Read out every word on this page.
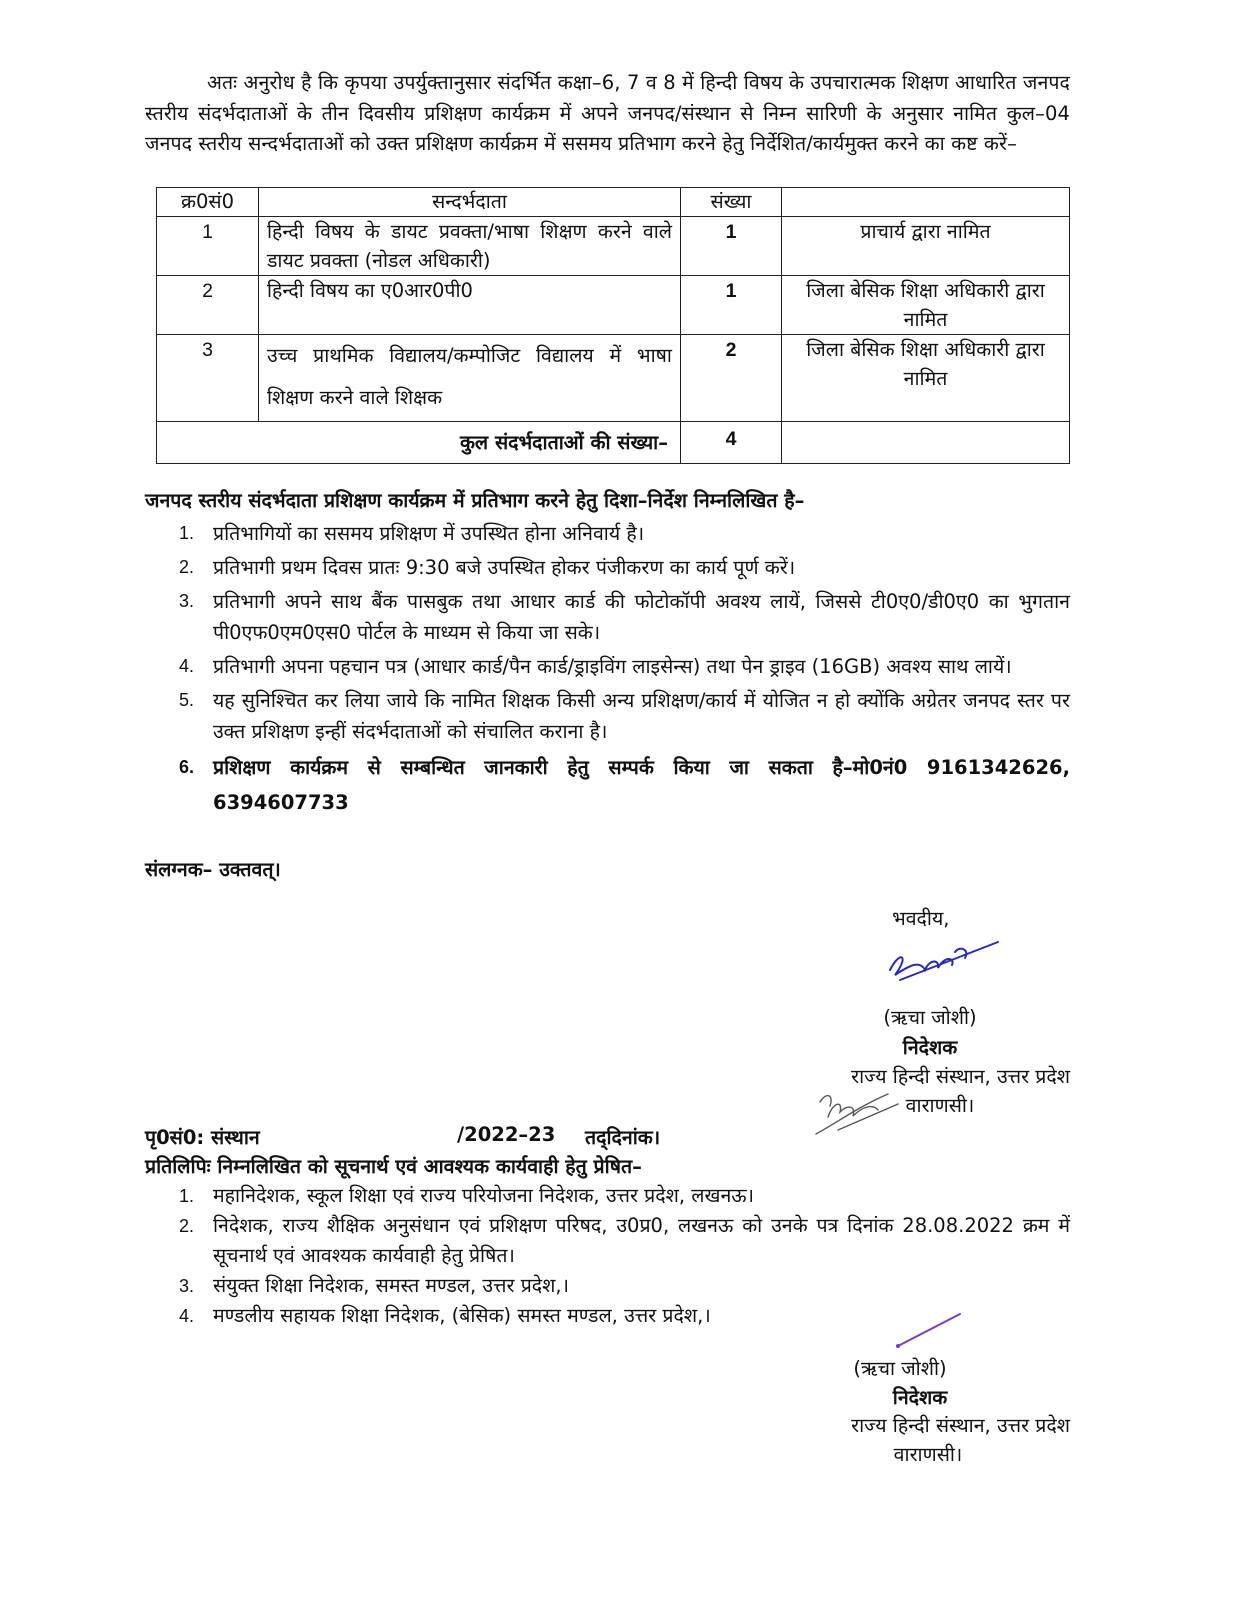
अतः अनुरोध है कि कृपया उपर्युक्तानुसार संदर्भित कक्षा–6, 7 व 8 में हिन्दी विषय के उपचारात्मक शिक्षण आधारित जनपद स्तरीय संदर्भदाताओं के तीन दिवसीय प्रशिक्षण कार्यक्रम में अपने जनपद/संस्थान से निम्न सारिणी के अनुसार नामित कुल–04 जनपद स्तरीय सन्दर्भदाताओं को उक्त प्रशिक्षण कार्यक्रम में ससमय प्रतिभाग करने हेतु निर्देशित/कार्यमुक्त करने का कष्ट करें–
क्र0सं0	सन्दर्भदाता	संख्या	
1	हिन्दी विषय के डायट प्रवक्ता/भाषा शिक्षण करने वाले डायट प्रवक्ता (नोडल अधिकारी)	1	प्राचार्य द्वारा नामित
2	हिन्दी विषय का ए0आर0पी0	1	जिला बेसिक शिक्षा अधिकारी द्वारा नामित
3	उच्च प्राथमिक विद्यालय/कम्पोजिट विद्यालय में भाषा शिक्षण करने वाले शिक्षक	2	जिला बेसिक शिक्षा अधिकारी द्वारा नामित
कुल संदर्भदाताओं की संख्या–		4	
जनपद स्तरीय संदर्भदाता प्रशिक्षण कार्यक्रम में प्रतिभाग करने हेतु दिशा–निर्देश निम्नलिखित है–
1. प्रतिभागियों का ससमय प्रशिक्षण में उपस्थित होना अनिवार्य है।
2. प्रतिभागी प्रथम दिवस प्रातः 9:30 बजे उपस्थित होकर पंजीकरण का कार्य पूर्ण करें।
3. प्रतिभागी अपने साथ बैंक पासबुक तथा आधार कार्ड की फोटोकॉपी अवश्य लायें, जिससे टी0ए0/डी0ए0 का भुगतान पी0एफ0एम0एस0 पोर्टल के माध्यम से किया जा सके।
4. प्रतिभागी अपना पहचान पत्र (आधार कार्ड/पैन कार्ड/ड्राइविंग लाइसेन्स) तथा पेन ड्राइव (16GB) अवश्य साथ लायें।
5. यह सुनिश्चित कर लिया जाये कि नामित शिक्षक किसी अन्य प्रशिक्षण/कार्य में योजित न हो क्योंकि अग्रेतर जनपद स्तर पर उक्त प्रशिक्षण इन्हीं संदर्भदाताओं को संचालित कराना है।
6. प्रशिक्षण कार्यक्रम से सम्बन्धित जानकारी हेतु सम्पर्क किया जा सकता है–मो0नं0 9161342626, 6394607733
संलग्नक– उक्तवत्।
भवदीय,
(ऋचा जोशी)
निदेशक
राज्य हिन्दी संस्थान, उत्तर प्रदेश
वाराणसी।
पृ0सं0: संस्थान	/2022–23 तद्‌दिनांक।
प्रतिलिपिः निम्नलिखित को सूचनार्थ एवं आवश्यक कार्यवाही हेतु प्रेषित–
1. महानिदेशक, स्कूल शिक्षा एवं राज्य परियोजना निदेशक, उत्तर प्रदेश, लखनऊ।
2. निदेशक, राज्य शैक्षिक अनुसंधान एवं प्रशिक्षण परिषद, उ0प्र0, लखनऊ को उनके पत्र दिनांक 28.08.2022 क्रम में सूचनार्थ एवं आवश्यक कार्यवाही हेतु प्रेषित।
3. संयुक्त शिक्षा निदेशक, समस्त मण्डल, उत्तर प्रदेश,।
4. मण्डलीय सहायक शिक्षा निदेशक, (बेसिक) समस्त मण्डल, उत्तर प्रदेश,।
(ऋचा जोशी)
निदेशक
राज्य हिन्दी संस्थान, उत्तर प्रदेश
वाराणसी।
